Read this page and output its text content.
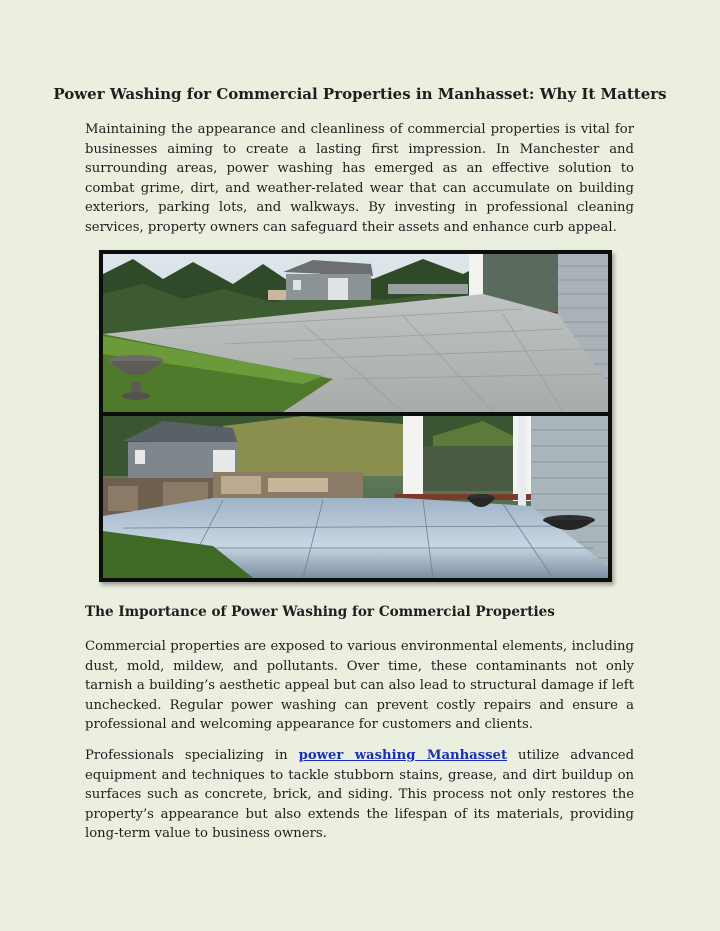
Power Washing for Commercial Properties in Manhasset: Why It Matters

Maintaining the appearance and cleanliness of commercial properties is vital for businesses aiming to create a lasting first impression. In Manchester and surrounding areas, power washing has emerged as an effective solution to combat grime, dirt, and weather-related wear that can accumulate on building exteriors, parking lots, and walkways. By investing in professional cleaning services, property owners can safeguard their assets and enhance curb appeal.

The Importance of Power Washing for Commercial Properties

Commercial properties are exposed to various environmental elements, including dust, mold, mildew, and pollutants. Over time, these contaminants not only tarnish a building’s aesthetic appeal but can also lead to structural damage if left unchecked. Regular power washing can prevent costly repairs and ensure a professional and welcoming appearance for customers and clients.

Professionals specializing in power washing Manhasset utilize advanced equipment and techniques to tackle stubborn stains, grease, and dirt buildup on surfaces such as concrete, brick, and siding. This process not only restores the property’s appearance but also extends the lifespan of its materials, providing long-term value to business owners.
